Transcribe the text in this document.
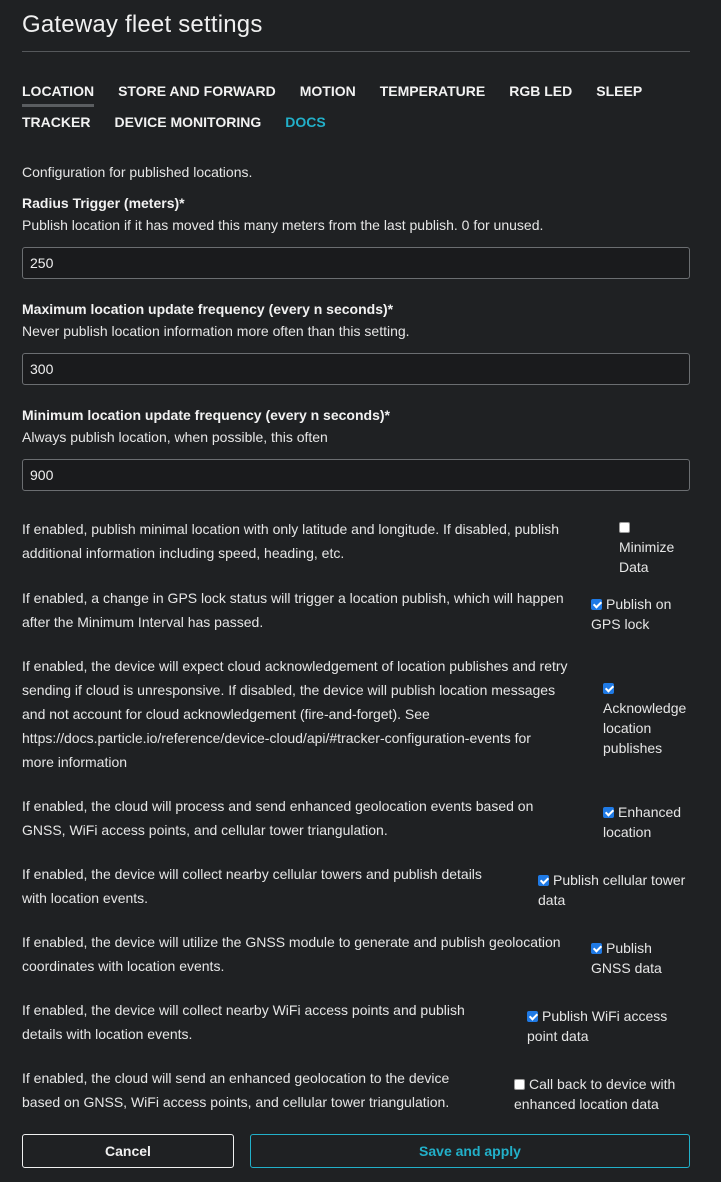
Gateway fleet settings
LOCATION STORE AND FORWARD MOTION TEMPERATURE RGB LED SLEEP
TRACKER DEVICE MONITORING DOCS
Configuration for published locations.
Radius Trigger (meters)*
Publish location if it has moved this many meters from the last publish. 0 for unused.
250
Maximum location update frequency (every n seconds)*
Never publish location information more often than this setting.
300
Minimum location update frequency (every n seconds)*
Always publish location, when possible, this often
900
If enabled, publish minimal location with only latitude and longitude. If disabled, publish
additional information including speed, heading, etc.	Minimize
Data
If enabled, a change in GPS lock status will trigger a location publish, which will happen
after the Minimum Interval has passed.
Publish on
GPS lock
If enabled, the device will expect cloud acknowledgement of location publishes and retry
sending if cloud is unresponsive. If disabled, the device will publish location messages
and not account for cloud acknowledgement (fire-and-forget). See
https://docs.particle.io/reference/device-cloud/api/#tracker-configuration-events for
more information
Acknowledge
location
publishes
If enabled, the cloud will process and send enhanced geolocation events based on
GNSS, WiFi access points, and cellular tower triangulation.
Enhanced
location
If enabled, the device will collect nearby cellular towers and publish details
with location events.
Publish cellular tower
data
If enabled, the device will utilize the GNSS module to generate and publish geolocation
coordinates with location events.
Publish
GNSS data
If enabled, the device will collect nearby WiFi access points and publish
details with location events.
Publish WiFi access
point data
If enabled, the cloud will send an enhanced geolocation to the device
based on GNSS, WiFi access points, and cellular tower triangulation.
Call back to device with
enhanced location data
Cancel	Save and apply
